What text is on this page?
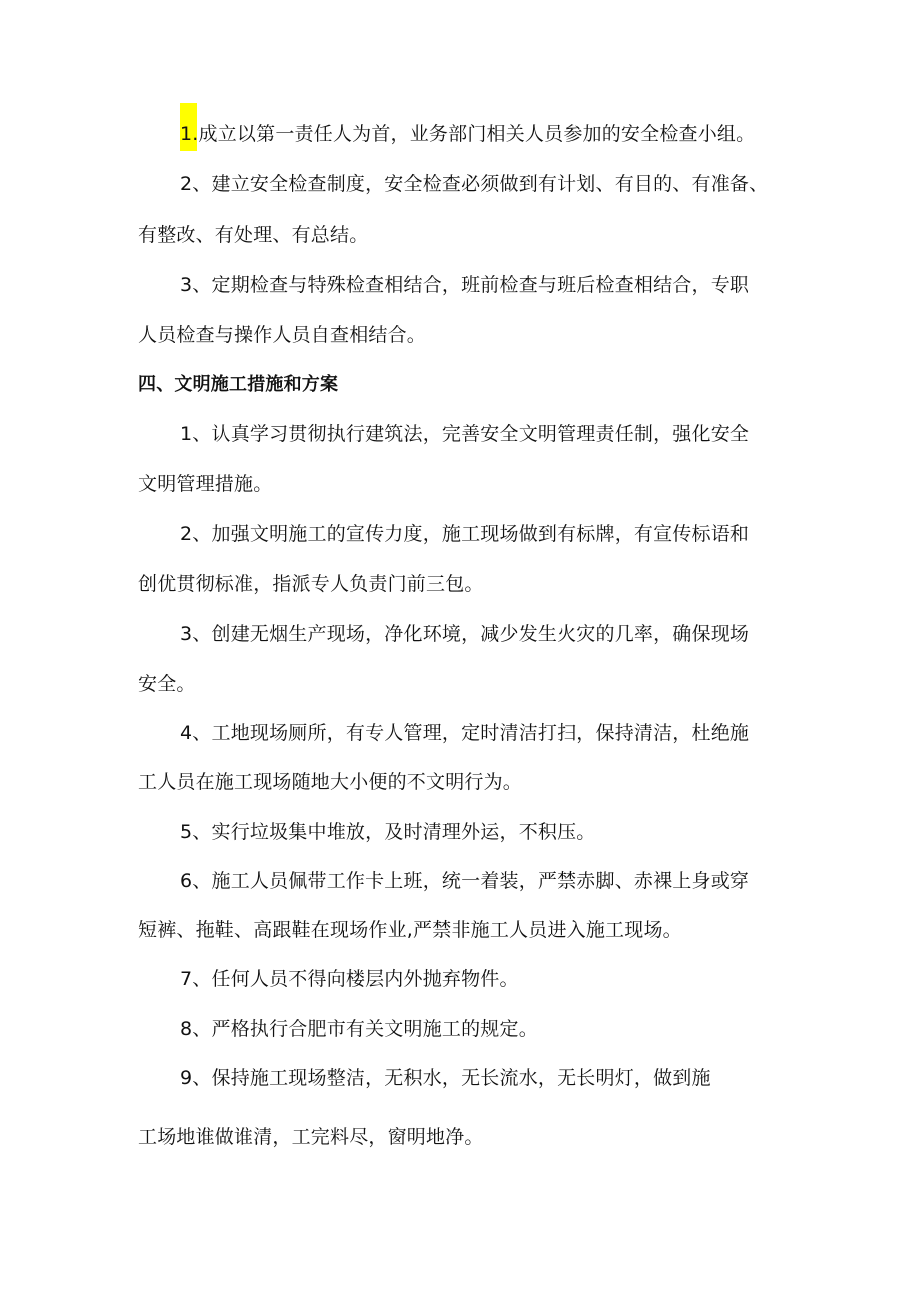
1.成立以第一责任人为首，业务部门相关人员参加的安全检查小组。
2、建立安全检查制度，安全检查必须做到有计划、有目的、有准备、
有整改、有处理、有总结。
3、定期检查与特殊检查相结合，班前检查与班后检查相结合，专职
人员检查与操作人员自查相结合。
四、文明施工措施和方案
1、认真学习贯彻执行建筑法，完善安全文明管理责任制，强化安全
文明管理措施。
2、加强文明施工的宣传力度，施工现场做到有标牌，有宣传标语和
创优贯彻标准，指派专人负责门前三包。
3、创建无烟生产现场，净化环境，减少发生火灾的几率，确保现场
安全。
4、工地现场厕所，有专人管理，定时清洁打扫，保持清洁，杜绝施
工人员在施工现场随地大小便的不文明行为。
5、实行垃圾集中堆放，及时清理外运，不积压。
6、施工人员佩带工作卡上班，统一着装，严禁赤脚、赤裸上身或穿
短裤、拖鞋、高跟鞋在现场作业,严禁非施工人员进入施工现场。
7、任何人员不得向楼层内外抛弃物件。
8、严格执行合肥市有关文明施工的规定。
9、保持施工现场整洁，无积水，无长流水，无长明灯，做到施
工场地谁做谁清，工完料尽，窗明地净。
